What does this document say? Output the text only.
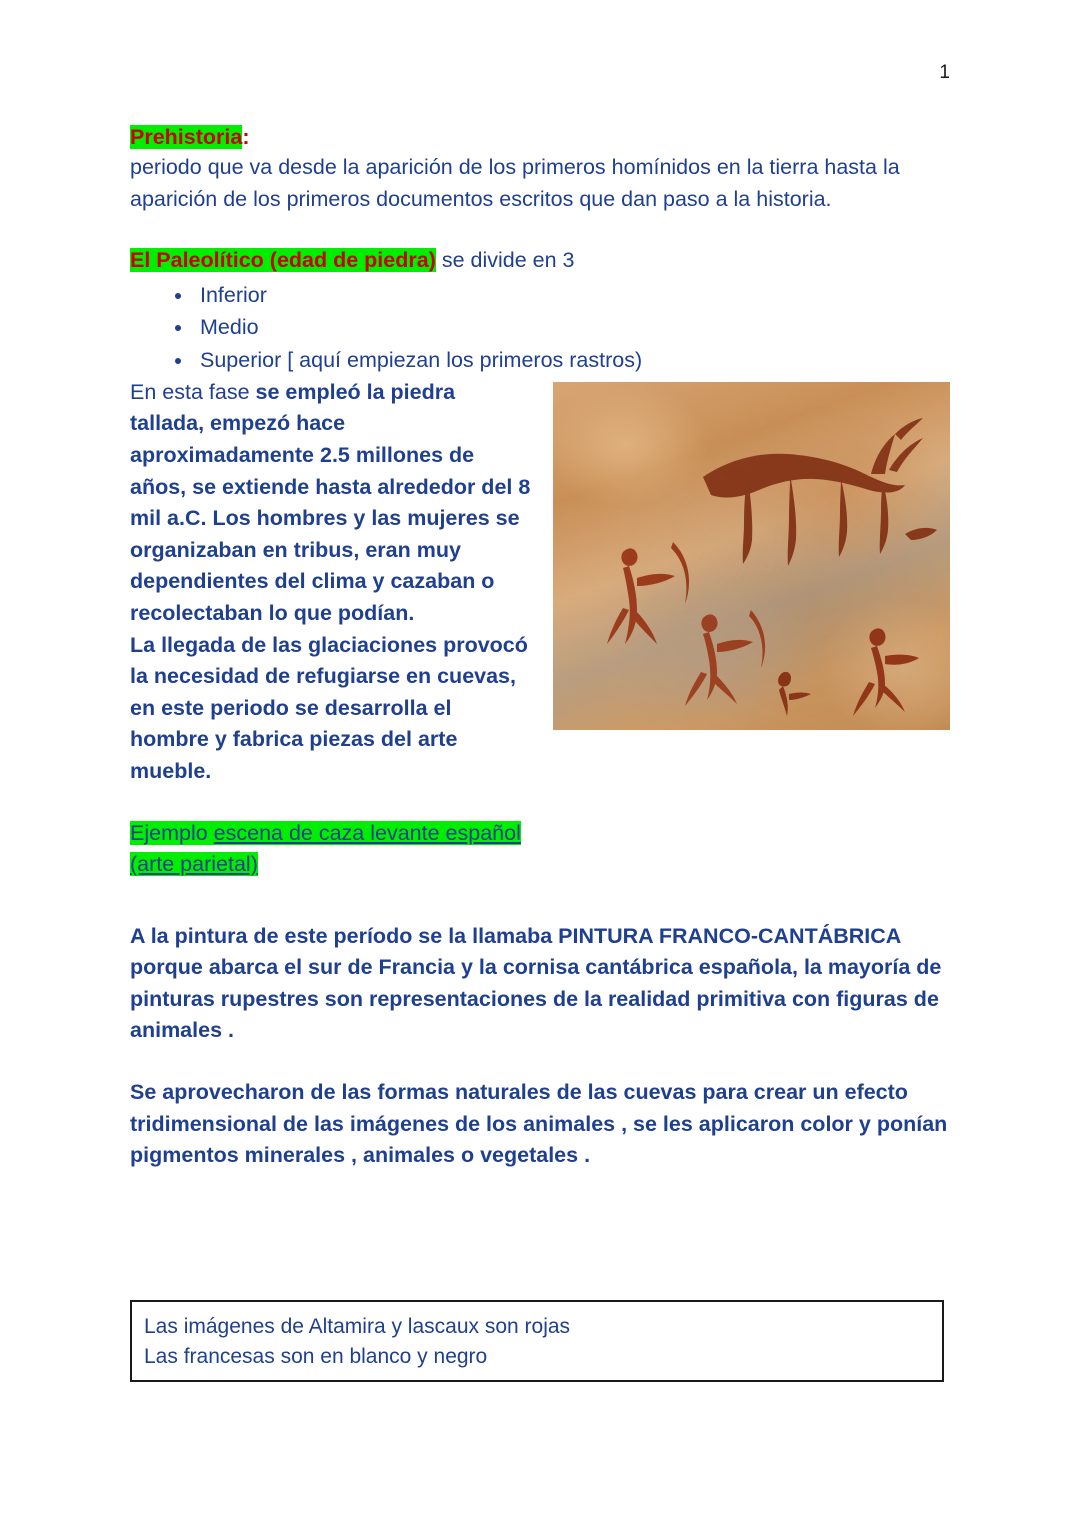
1

Prehistoria:

periodo que va desde la aparición de los primeros homínidos en la tierra hasta la aparición de los primeros documentos escritos que dan paso a la historia.

El Paleolítico (edad de piedra) se divide en 3

• Inferior
• Medio
• Superior [ aquí empiezan los primeros rastros)

En esta fase se empleó la piedra tallada, empezó hace aproximadamente 2.5 millones de años, se extiende hasta alrededor del 8 mil a.C. Los hombres y las mujeres se organizaban en tribus, eran muy dependientes del clima y cazaban o recolectaban lo que podían.

La llegada de las glaciaciones provocó la necesidad de refugiarse en cuevas, en este periodo se desarrolla el hombre y fabrica piezas del arte mueble.

Ejemplo escena de caza levante español

(arte parietal)

A la pintura de este período se la llamaba PINTURA FRANCO-CANTÁBRICA porque abarca el sur de Francia y la cornisa cantábrica española, la mayoría de pinturas rupestres son representaciones de la realidad primitiva con figuras de animales .

Se aprovecharon de las formas naturales de las cuevas para crear un efecto tridimensional de las imágenes de los animales , se les aplicaron color y ponían pigmentos minerales , animales o vegetales .

Las imágenes de Altamira y lascaux son rojas

Las francesas son en blanco y negro
